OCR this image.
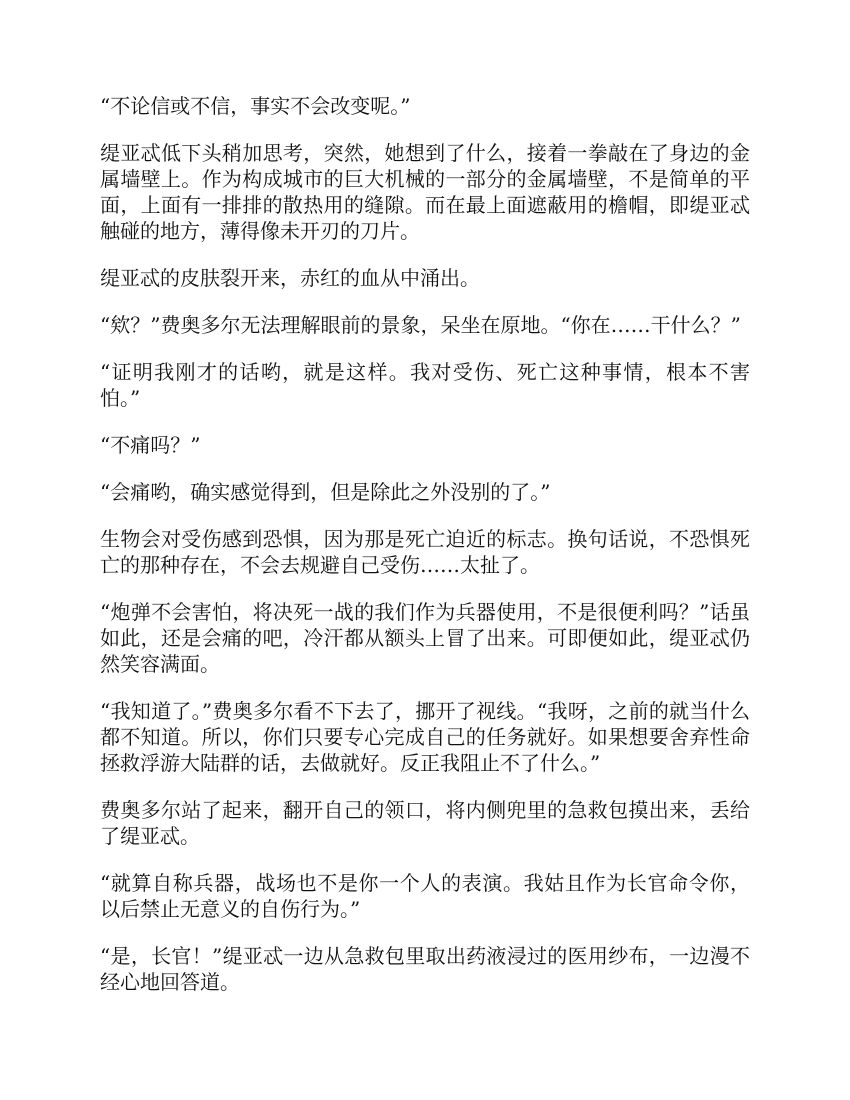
“不论信或不信，事实不会改变呢。”

缇亚忒低下头稍加思考，突然，她想到了什么，接着一拳敲在了身边的金属墙壁上。作为构成城市的巨大机械的一部分的金属墙壁，不是简单的平面，上面有一排排的散热用的缝隙。而在最上面遮蔽用的檐帽，即缇亚忒触碰的地方，薄得像未开刃的刀片。

缇亚忒的皮肤裂开来，赤红的血从中涌出。

“欸？”费奥多尔无法理解眼前的景象，呆坐在原地。“你在……干什么？”

“证明我刚才的话哟，就是这样。我对受伤、死亡这种事情，根本不害怕。”

“不痛吗？”

“会痛哟，确实感觉得到，但是除此之外没别的了。”

生物会对受伤感到恐惧，因为那是死亡迫近的标志。换句话说，不恐惧死亡的那种存在，不会去规避自己受伤……太扯了。

“炮弹不会害怕，将决死一战的我们作为兵器使用，不是很便利吗？”话虽如此，还是会痛的吧，冷汗都从额头上冒了出来。可即便如此，缇亚忒仍然笑容满面。

“我知道了。”费奥多尔看不下去了，挪开了视线。“我呀，之前的就当什么都不知道。所以，你们只要专心完成自己的任务就好。如果想要舍弃性命拯救浮游大陆群的话，去做就好。反正我阻止不了什么。”

费奥多尔站了起来，翻开自己的领口，将内侧兜里的急救包摸出来，丢给了缇亚忒。

“就算自称兵器，战场也不是你一个人的表演。我姑且作为长官命令你，以后禁止无意义的自伤行为。”

“是，长官！”缇亚忒一边从急救包里取出药液浸过的医用纱布，一边漫不经心地回答道。
